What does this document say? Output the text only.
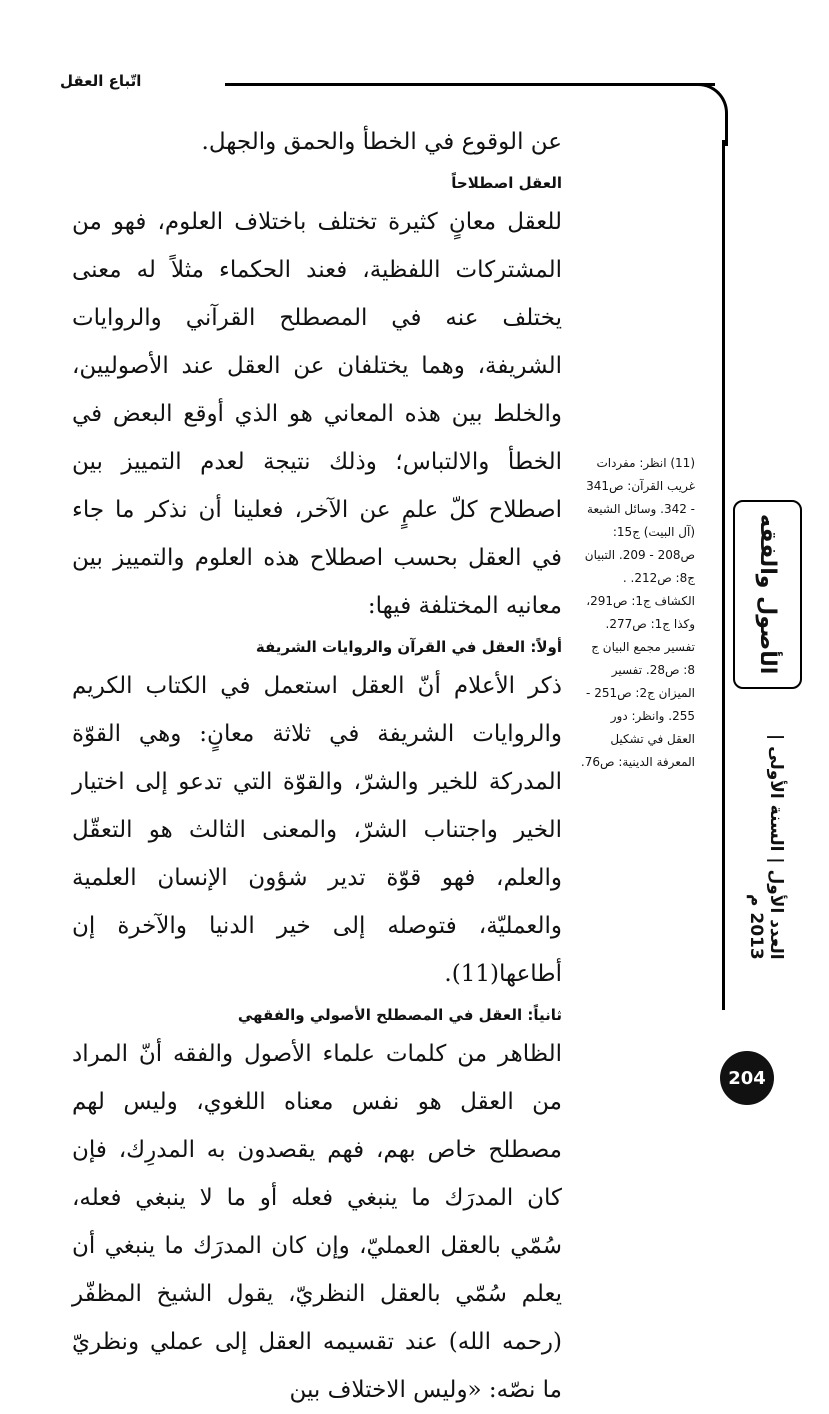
اتّباع العقل

عن الوقوع في الخطأ والحمق والجهل.

العقل اصطلاحاً

للعقل معانٍ كثيرة تختلف باختلاف العلوم، فهو من المشتركات اللفظية، فعند الحكماء مثلاً له معنى يختلف عنه في المصطلح القرآني والروايات الشريفة، وهما يختلفان عن العقل عند الأصوليين، والخلط بين هذه المعاني هو الذي أوقع البعض في الخطأ والالتباس؛ وذلك نتيجة لعدم التمييز بين اصطلاح كلّ علمٍ عن الآخر، فعلينا أن نذكر ما جاء في العقل بحسب اصطلاح هذه العلوم والتمييز بين معانيه المختلفة فيها:

أولاً: العقل في القرآن والروايات الشريفة

ذكر الأعلام أنّ العقل استعمل في الكتاب الكريم والروايات الشريفة في ثلاثة معانٍ: وهي القوّة المدركة للخير والشرّ، والقوّة التي تدعو إلى اختيار الخير واجتناب الشرّ، والمعنى الثالث هو التعقّل والعلم، فهو قوّة تدير شؤون الإنسان العلمية والعمليّة، فتوصله إلى خير الدنيا والآخرة إن أطاعها(11).

ثانياً: العقل في المصطلح الأصولي والفقهي

الظاهر من كلمات علماء الأصول والفقه أنّ المراد من العقل هو نفس معناه اللغوي، وليس لهم مصطلح خاص بهم، فهم يقصدون به المدرِك، فإن كان المدرَك ما ينبغي فعله أو ما لا ينبغي فعله، سُمّي بالعقل العمليّ، وإن كان المدرَك ما ينبغي أن يعلم سُمّي بالعقل النظريّ، يقول الشيخ المظفّر (رحمه الله) عند تقسيمه العقل إلى عملي ونظريّ ما نصّه: «وليس الاختلاف بين

(11) انظر: مفردات غريب القرآن: ص341 - 342. وسائل الشيعة (آل البيت) ج15: ص208 - 209. التبيان ج8: ص212. . الكشاف ج1: ص291، وكذا ج1: ص277. تفسير مجمع البيان ج 8: ص28. تفسير الميزان ج2: ص251 - 255. وانظر: دور العقل في تشكيل المعرفة الدينية: ص76.
الأصول والفقه
العدد الأول | السنة الأولى | 2013 م
204
